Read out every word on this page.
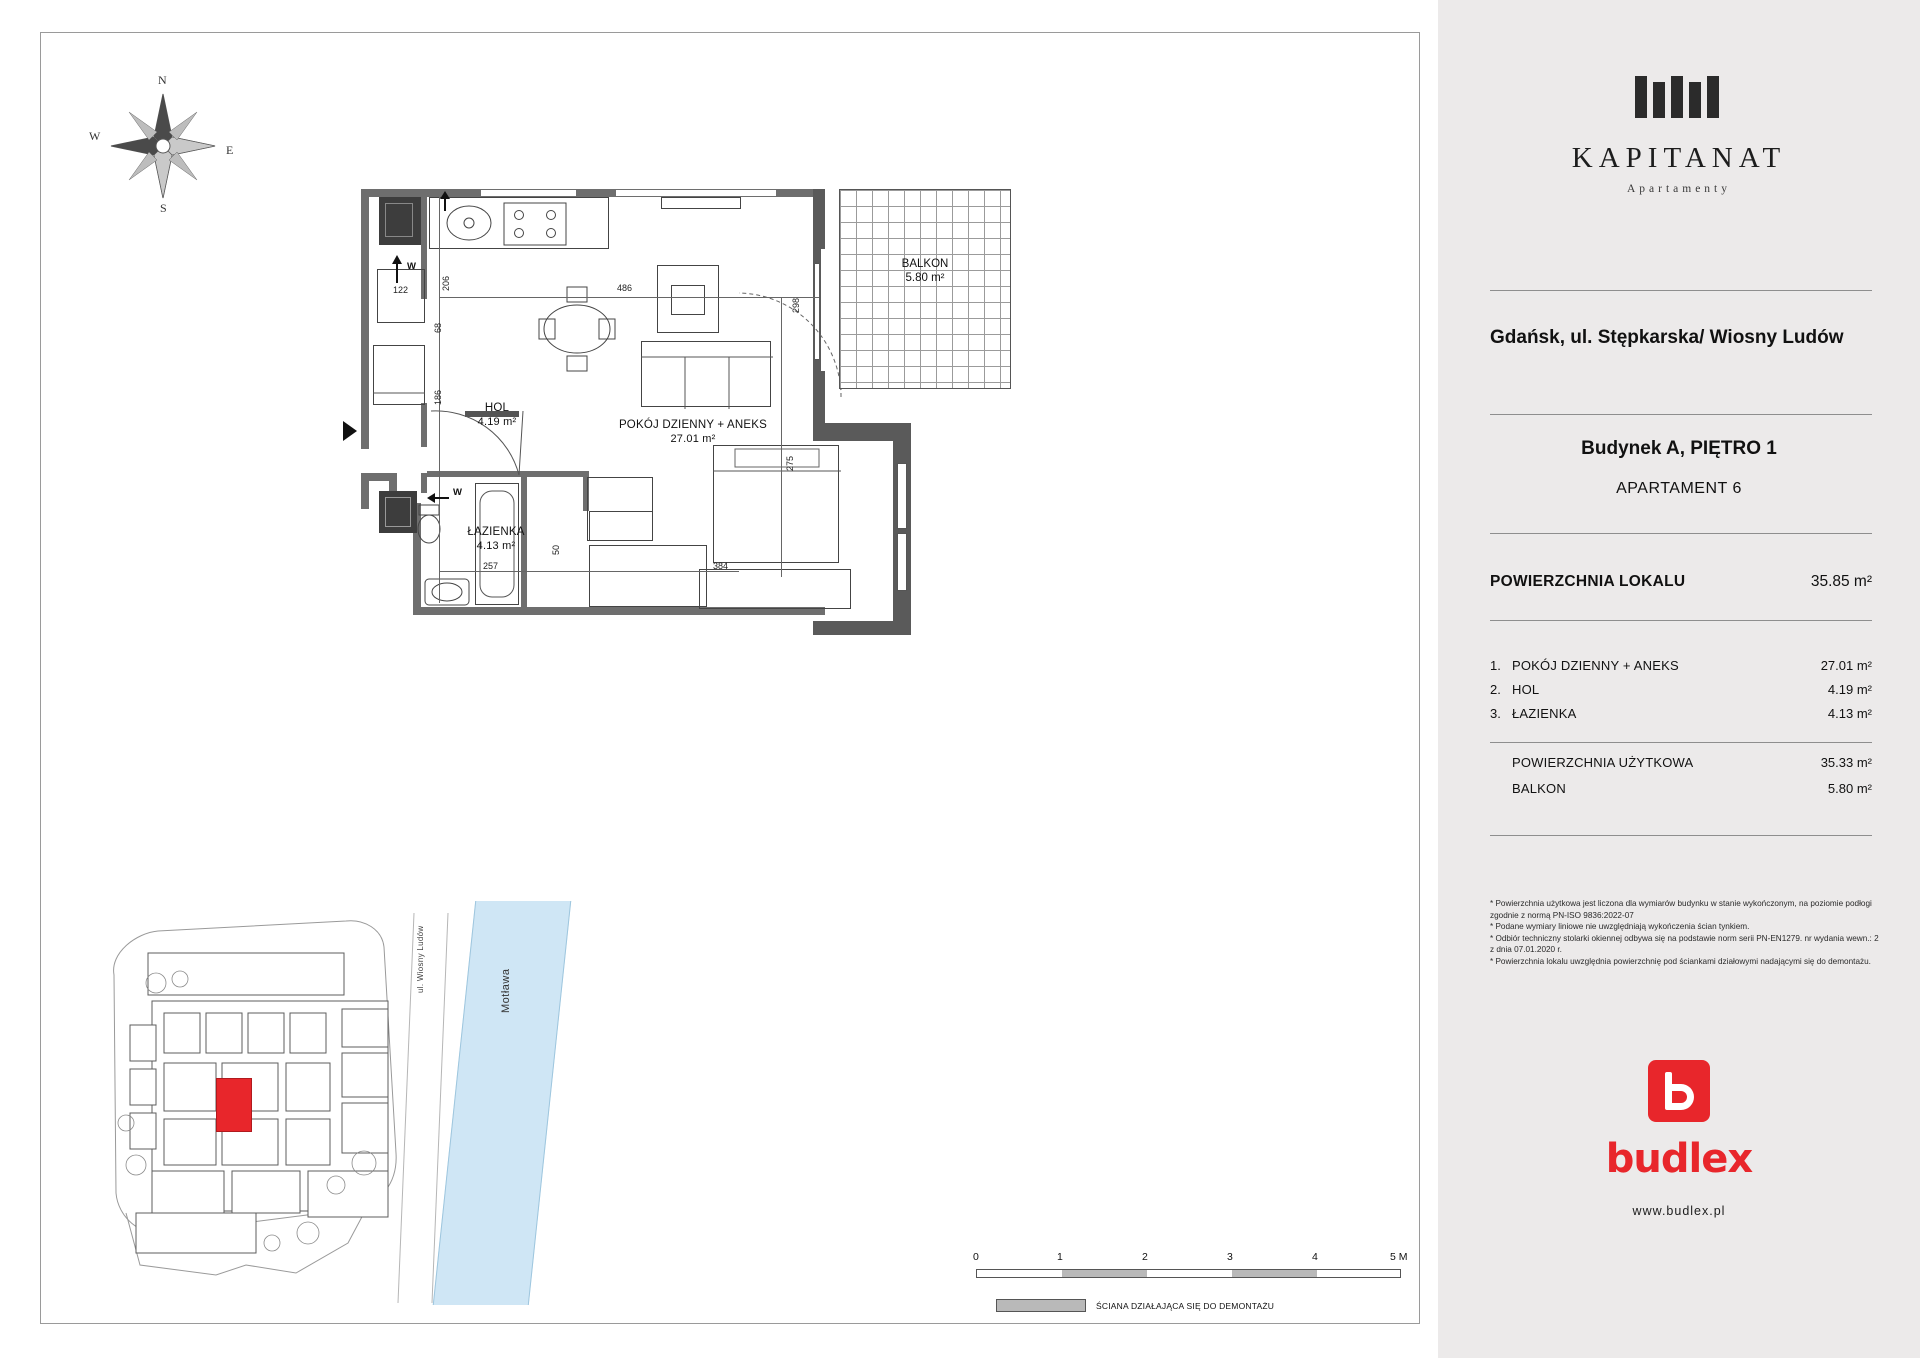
N
S
E
W
122	206	486
298
68
186
275
257
50
384
W
W
BALKON
5.80 m²
POKÓJ DZIENNY + ANEKS
27.01 m²
HOL
4.19 m²
ŁAZIENKA
4.13 m²
Motława
ul. Wiosny Ludów
0	1	2	3	4	5 M
ŚCIANA DZIAŁAJĄCA SIĘ DO DEMONTAŻU
KAPITANAT
Apartamenty
Gdańsk, ul. Stępkarska/ Wiosny Ludów
Budynek A, PIĘTRO 1
APARTAMENT 6
POWIERZCHNIA LOKALU	35.85 m²
1. POKÓJ DZIENNY + ANEKS	27.01 m²
2. HOL	4.19 m²
3. ŁAZIENKA	4.13 m²
POWIERZCHNIA UŻYTKOWA	35.33 m²
BALKON	5.80 m²
* Powierzchnia użytkowa jest liczona dla wymiarów budynku w stanie wykończonym, na poziomie podłogi zgodnie z normą PN-ISO 9836:2022-07
* Podane wymiary liniowe nie uwzględniają wykończenia ścian tynkiem.
* Odbiór techniczny stolarki okiennej odbywa się na podstawie norm serii PN-EN1279. nr wydania wewn.: 2 z dnia 07.01.2020 r.
* Powierzchnia lokalu uwzględnia powierzchnię pod ściankami działowymi nadającymi się do demontażu.
budlex
www.budlex.pl
